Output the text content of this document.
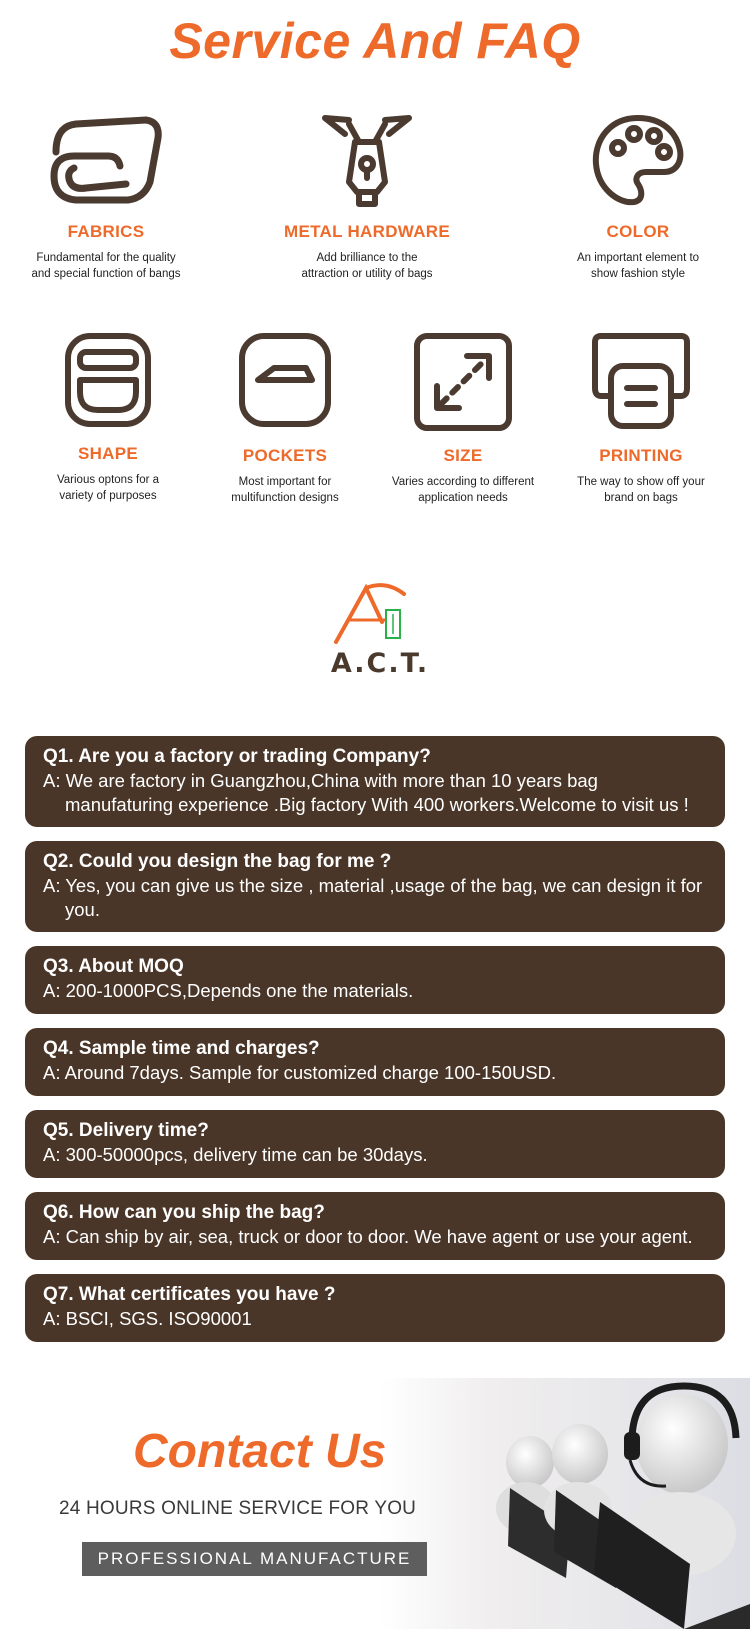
Service And FAQ
FABRICS
Fundamental for the quality
and special function of bangs
METAL HARDWARE
Add brilliance to the
attraction or utility of bags
COLOR
An important element to
show fashion style
SHAPE
Various optons for a
variety of purposes
POCKETS
Most important for
multifunction designs
SIZE
Varies according to different
application needs
PRINTING
The way to show off your
brand on bags
A.C.T.
Q1. Are you a factory or trading Company?
A: We are factory in Guangzhou,China with more than 10 years bag manufaturing experience .Big factory With 400 workers.Welcome to visit us !
Q2. Could you design the bag for me ?
A: Yes, you can give us the size , material ,usage of the bag, we can design it for you.
Q3. About MOQ
A: 200-1000PCS,Depends one the materials.
Q4. Sample time and charges?
A: Around 7days. Sample for customized charge 100-150USD.
Q5. Delivery time?
A: 300-50000pcs, delivery time can be 30days.
Q6. How can you ship the bag?
A: Can ship by air, sea, truck or door to door. We have agent or use your agent.
Q7. What certificates you have ?
A: BSCI, SGS. ISO90001
Contact Us
24 HOURS ONLINE SERVICE FOR YOU
PROFESSIONAL MANUFACTURE
